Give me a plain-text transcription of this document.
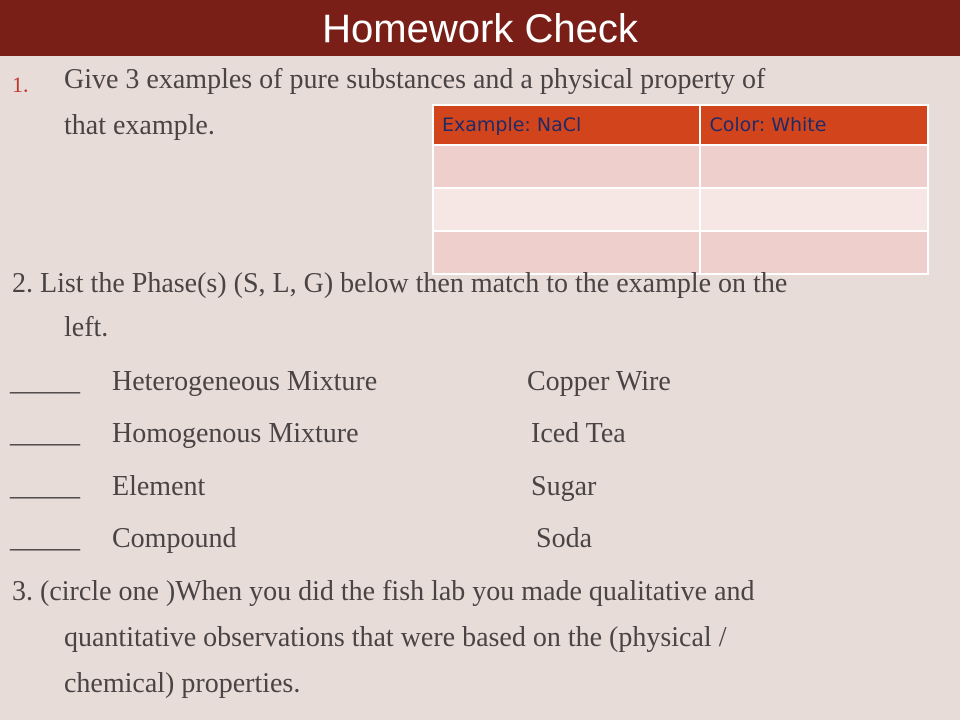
Homework Check
1. Give 3 examples of pure substances and a physical property of
that example.	Example: NaCl	Color: White

2. List the Phase(s) (S, L, G) below then match to the example on the
left.
_____ Heterogeneous Mixture	Copper Wire
_____ Homogenous Mixture	Iced Tea
_____ Element	Sugar
_____ Compound	Soda
3. (circle one )When you did the fish lab you made qualitative and
quantitative observations that were based on the (physical /
chemical) properties.
